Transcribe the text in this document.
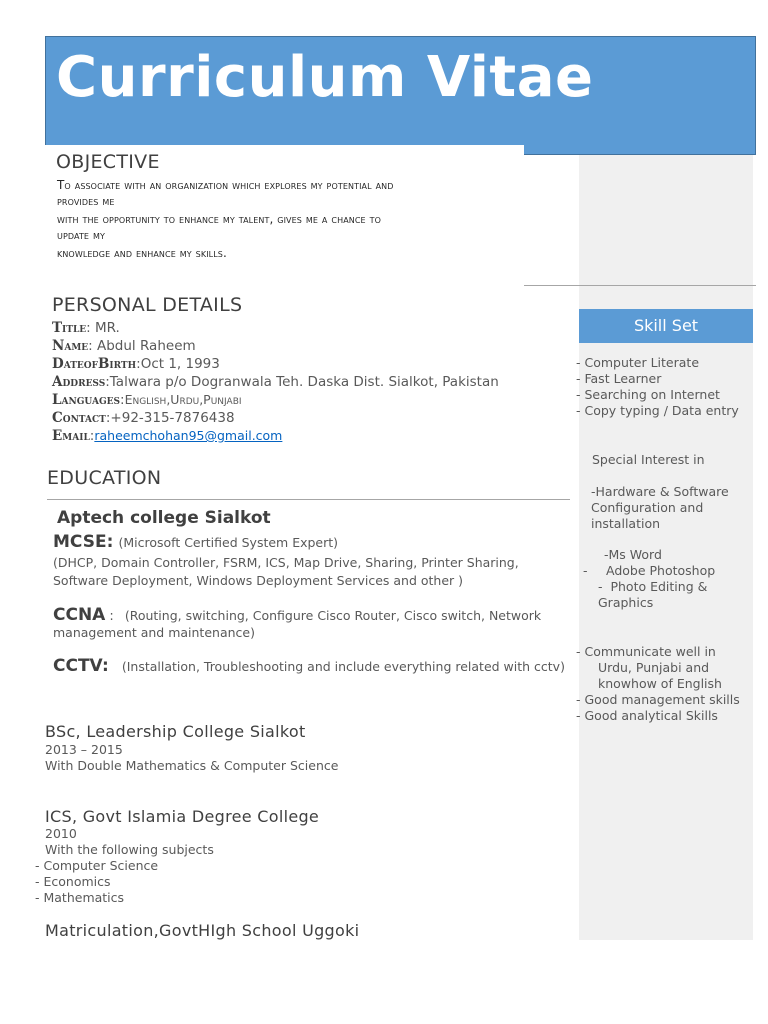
Curriculum Vitae
Skill Set
- Computer Literate
- Fast Learner
- Searching on Internet
- Copy typing / Data entry
Special Interest in
-Hardware & Software
Configuration and
installation
-Ms Word
- Adobe Photoshop
-  Photo Editing &
Graphics
- Communicate well in
Urdu, Punjabi and
knowhow of English
- Good management skills
- Good analytical Skills
OBJECTIVE
To associate with an organization which explores my potential and
provides me
with the opportunity to enhance my talent, gives me a chance to
update my
knowledge and enhance my skills.
PERSONAL DETAILS
Title: MR.
Name: Abdul Raheem
DateofBirth:Oct 1, 1993
Address:Talwara p/o Dogranwala Teh. Daska Dist. Sialkot, Pakistan
Languages:English,Urdu,Punjabi
Contact:+92-315-7876438
Email:raheemchohan95@gmail.com
EDUCATION
Aptech college Sialkot
MCSE: (Microsoft Certified System Expert)
(DHCP, Domain Controller, FSRM, ICS, Map Drive, Sharing, Printer Sharing,
Software Deployment, Windows Deployment Services and other )
CCNA : (Routing, switching, Configure Cisco Router, Cisco switch, Network
management and maintenance)
CCTV: (Installation, Troubleshooting and include everything related with cctv)
BSc, Leadership College Sialkot
2013 – 2015
With Double Mathematics & Computer Science
ICS, Govt Islamia Degree College
2010
With the following subjects
- Computer Science
- Economics
- Mathematics
Matriculation,GovtHIgh School Uggoki
